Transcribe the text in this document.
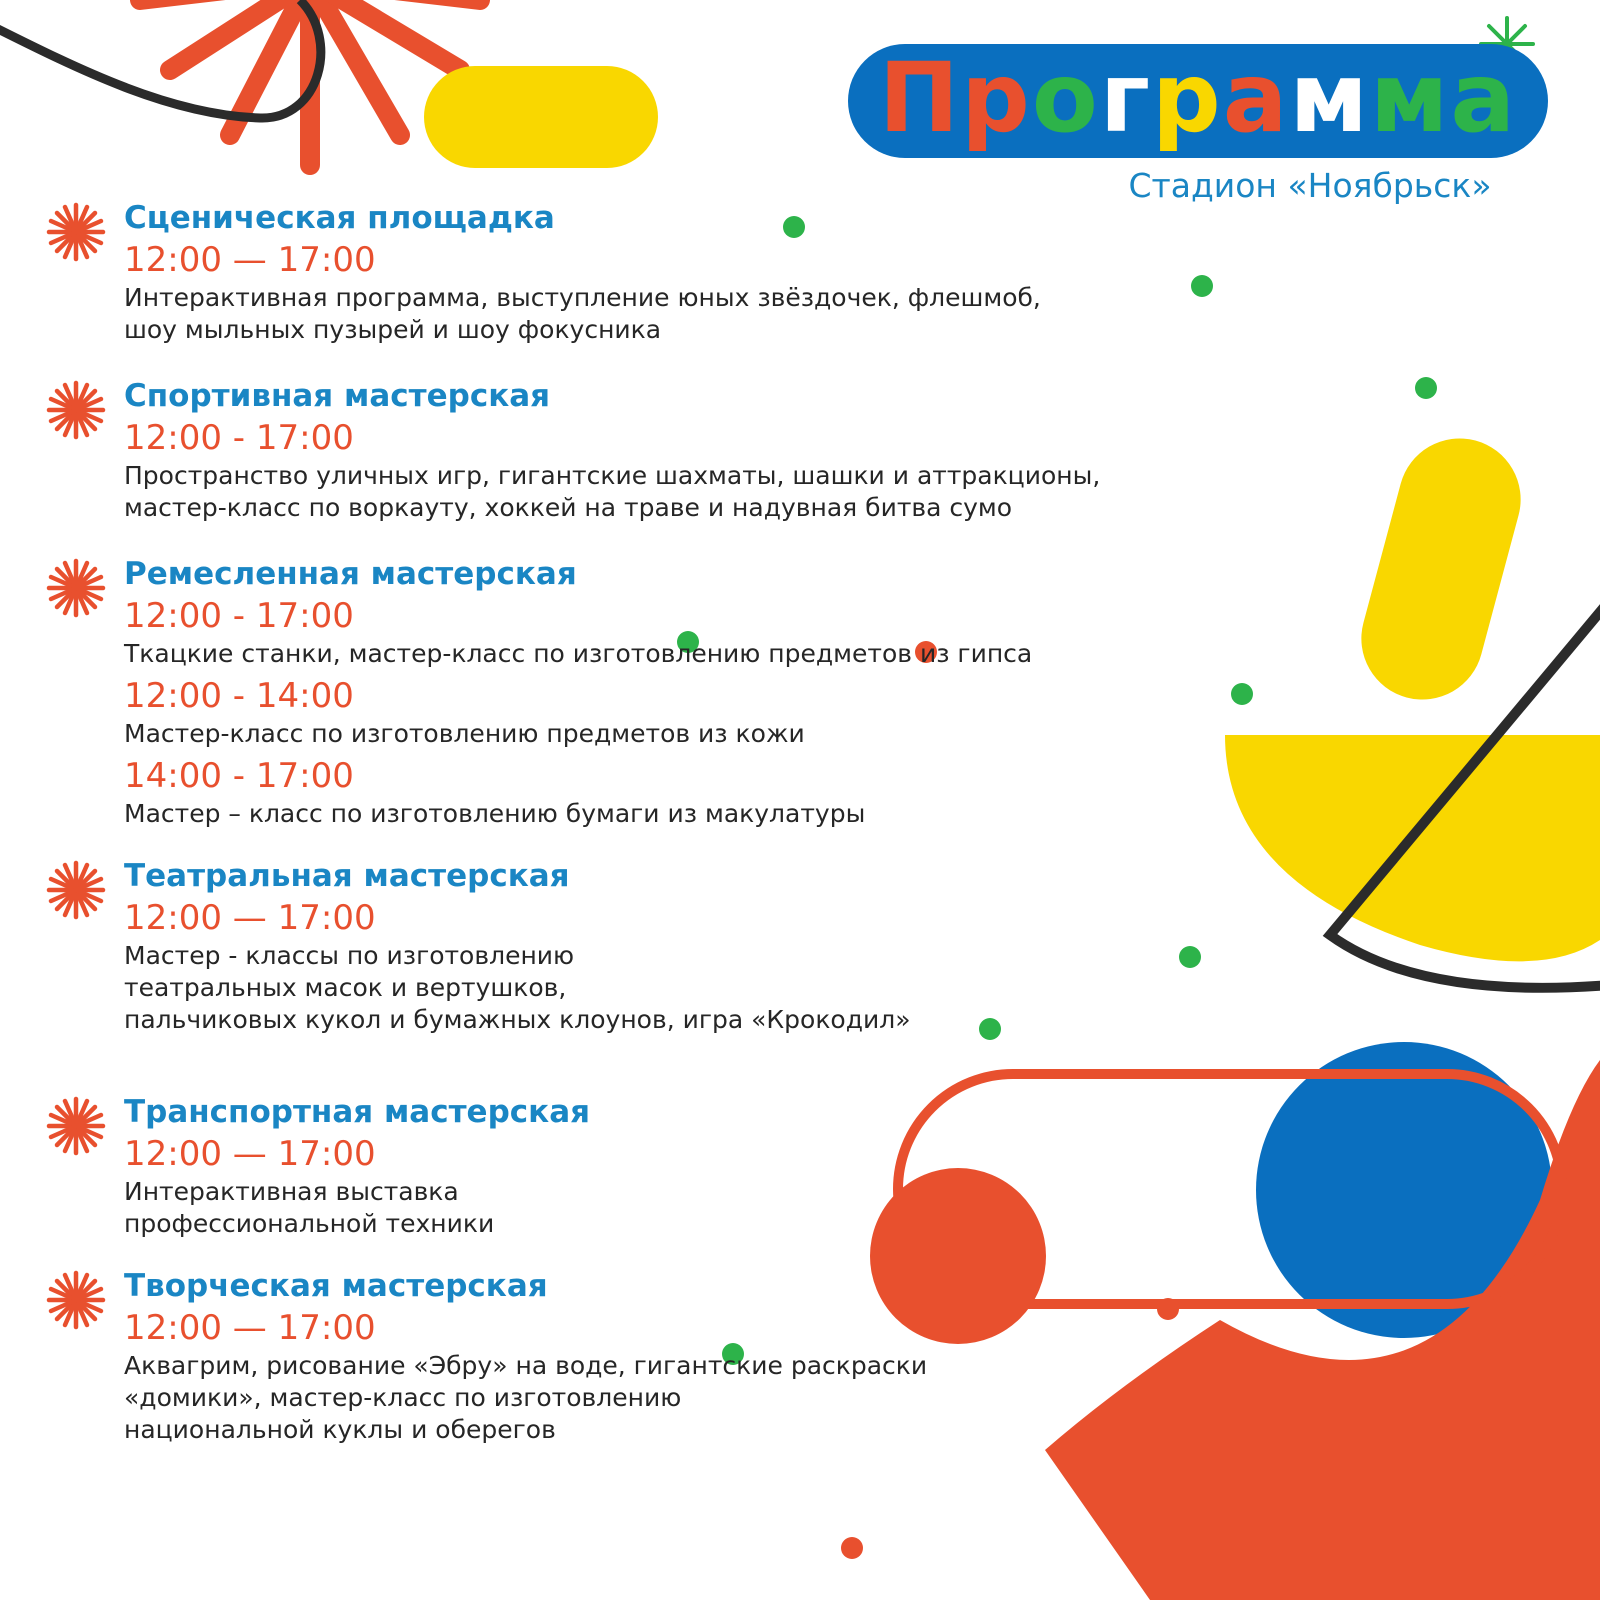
Программа
Стадион «Ноябрьск»
Сценическая площадка
12:00 — 17:00
Интерактивная программа, выступление юных звёздочек, флешмоб,
шоу мыльных пузырей и шоу фокусника
Спортивная мастерская
12:00 - 17:00
Пространство уличных игр, гигантские шахматы, шашки и аттракционы,
мастер-класс по воркауту, хоккей на траве и надувная битва сумо
Ремесленная мастерская
12:00 - 17:00
Ткацкие станки, мастер-класс по изготовлению предметов из гипса
12:00 - 14:00
Мастер-класс по изготовлению предметов из кожи
14:00 - 17:00
Мастер – класс по изготовлению бумаги из макулатуры
Театральная мастерская
12:00 — 17:00
Мастер - классы по изготовлению
театральных масок и вертушков,
пальчиковых кукол и бумажных клоунов, игра «Крокодил»
Транспортная мастерская
12:00 — 17:00
Интерактивная выставка
профессиональной техники
Творческая мастерская
12:00 — 17:00
Аквагрим, рисование «Эбру» на воде, гигантские раскраски
«домики», мастер-класс по изготовлению
национальной куклы и оберегов
